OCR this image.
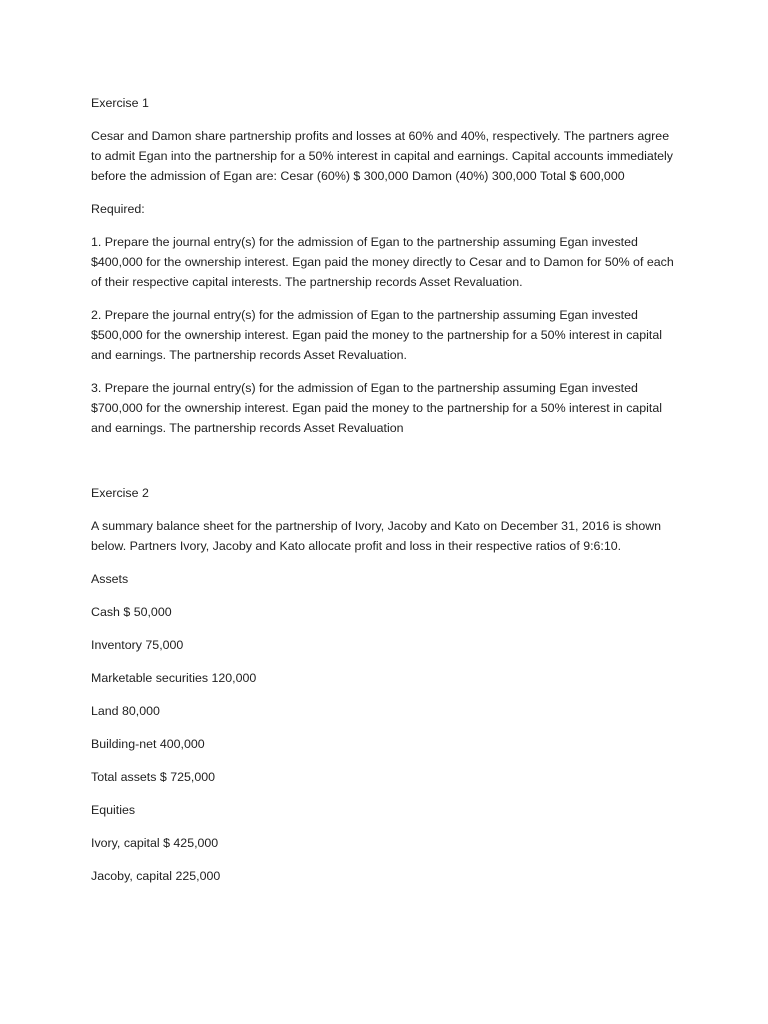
Exercise 1

Cesar and Damon share partnership profits and losses at 60% and 40%, respectively. The partners agree to admit Egan into the partnership for a 50% interest in capital and earnings. Capital accounts immediately before the admission of Egan are: Cesar (60%) $ 300,000 Damon (40%) 300,000 Total $ 600,000

Required:

1. Prepare the journal entry(s) for the admission of Egan to the partnership assuming Egan invested $400,000 for the ownership interest. Egan paid the money directly to Cesar and to Damon for 50% of each of their respective capital interests. The partnership records Asset Revaluation.

2. Prepare the journal entry(s) for the admission of Egan to the partnership assuming Egan invested $500,000 for the ownership interest. Egan paid the money to the partnership for a 50% interest in capital and earnings. The partnership records Asset Revaluation.

3. Prepare the journal entry(s) for the admission of Egan to the partnership assuming Egan invested $700,000 for the ownership interest. Egan paid the money to the partnership for a 50% interest in capital and earnings. The partnership records Asset Revaluation

Exercise 2

A summary balance sheet for the partnership of Ivory, Jacoby and Kato on December 31, 2016 is shown below. Partners Ivory, Jacoby and Kato allocate profit and loss in their respective ratios of 9:6:10.

Assets

Cash $ 50,000

Inventory 75,000

Marketable securities 120,000

Land 80,000

Building-net 400,000

Total assets $ 725,000

Equities

Ivory, capital $ 425,000

Jacoby, capital 225,000
